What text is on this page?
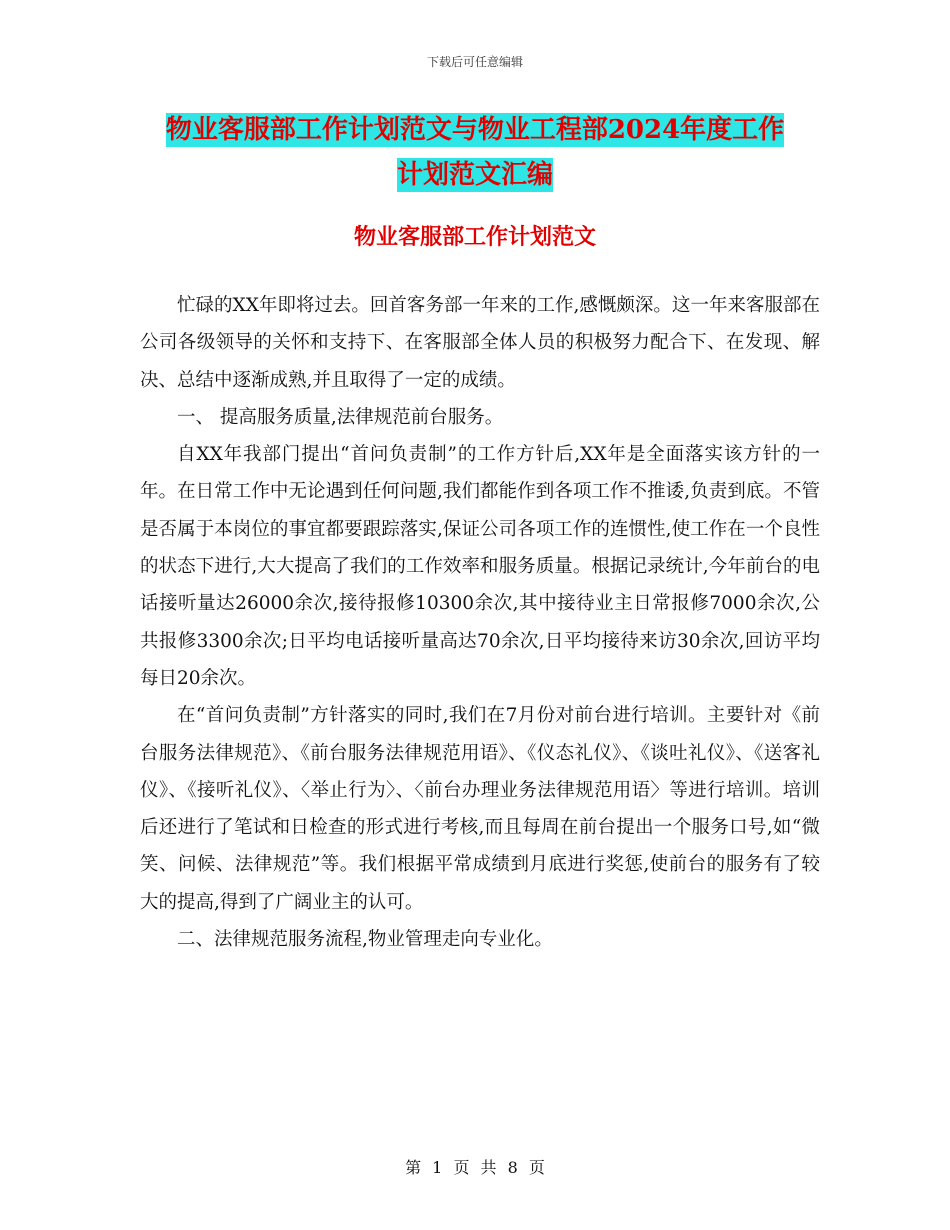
下载后可任意编辑
物业客服部工作计划范文与物业工程部2024年度工作
计划范文汇编
物业客服部工作计划范文

忙碌的XX年即将过去。回首客务部一年来的工作,感慨颇深。这一年来客服部在公司各级领导的关怀和支持下、在客服部全体人员的积极努力配合下、在发现、解决、总结中逐渐成熟,并且取得了一定的成绩。

一、 提高服务质量,法律规范前台服务。

自XX年我部门提出“首问负责制”的工作方针后,XX年是全面落实该方针的一年。在日常工作中无论遇到任何问题,我们都能作到各项工作不推诿,负责到底。不管是否属于本岗位的事宜都要跟踪落实,保证公司各项工作的连惯性,使工作在一个良性的状态下进行,大大提高了我们的工作效率和服务质量。根据记录统计,今年前台的电话接听量达26000余次,接待报修10300余次,其中接待业主日常报修7000余次,公共报修3300余次;日平均电话接听量高达70余次,日平均接待来访30余次,回访平均每日20余次。

在“首问负责制”方针落实的同时,我们在7月份对前台进行培训。主要针对《前台服务法律规范》、《前台服务法律规范用语》、《仪态礼仪》、《谈吐礼仪》、《送客礼仪》、《接听礼仪》、〈举止行为〉、〈前台办理业务法律规范用语〉等进行培训。培训后还进行了笔试和日检查的形式进行考核,而且每周在前台提出一个服务口号,如“微笑、问候、法律规范”等。我们根据平常成绩到月底进行奖惩,使前台的服务有了较大的提高,得到了广阔业主的认可。

二、法律规范服务流程,物业管理走向专业化。

第 1 页 共 8 页
